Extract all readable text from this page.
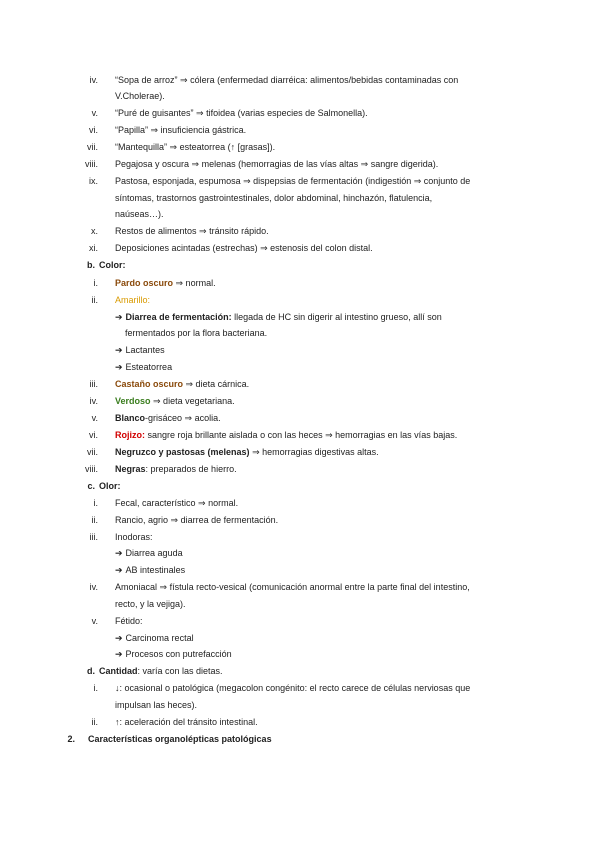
iv. “Sopa de arroz” ⇒ cólera (enfermedad diarréica: alimentos/bebidas contaminadas con
V.Cholerae).
v. “Puré de guisantes” ⇒ tifoidea (varias especies de Salmonella).
vi. “Papilla” ⇒ insuficiencia gástrica.
vii. “Mantequilla” ⇒ esteatorrea (↑ [grasas]).
viii. Pegajosa y oscura ⇒ melenas (hemorragias de las vías altas ⇒ sangre digerida).
ix. Pastosa, esponjada, espumosa ⇒ dispepsias de fermentación (indigestión ⇒ conjunto de
síntomas, trastornos gastrointestinales, dolor abdominal, hinchazón, flatulencia,
naúseas…).
x. Restos de alimentos ⇒ tránsito rápido.
xi. Deposiciones acintadas (estrechas) ⇒ estenosis del colon distal.
b. Color:
i. Pardo oscuro ⇒ normal.
ii. Amarillo:
➔ Diarrea de fermentación: llegada de HC sin digerir al intestino grueso, allí son
fermentados por la flora bacteriana.
➔ Lactantes
➔ Esteatorrea
iii. Castaño oscuro ⇒ dieta cárnica.
iv. Verdoso ⇒ dieta vegetariana.
v. Blanco-grisáceo ⇒ acolia.
vi. Rojizo: sangre roja brillante aislada o con las heces ⇒ hemorragias en las vías bajas.
vii. Negruzco y pastosas (melenas) ⇒ hemorragias digestivas altas.
viii. Negras: preparados de hierro.
c. Olor:
i. Fecal, característico ⇒ normal.
ii. Rancio, agrio ⇒ diarrea de fermentación.
iii. Inodoras:
➔ Diarrea aguda
➔ AB intestinales
iv. Amoniacal ⇒ fístula recto-vesical (comunicación anormal entre la parte final del intestino,
recto, y la vejiga).
v. Fétido:
➔ Carcinoma rectal
➔ Procesos con putrefacción
d. Cantidad: varía con las dietas.
i. ↓: ocasional o patológica (megacolon congénito: el recto carece de células nerviosas que
impulsan las heces).
ii. ↑: aceleración del tránsito intestinal.
2. Características organolépticas patológicas
